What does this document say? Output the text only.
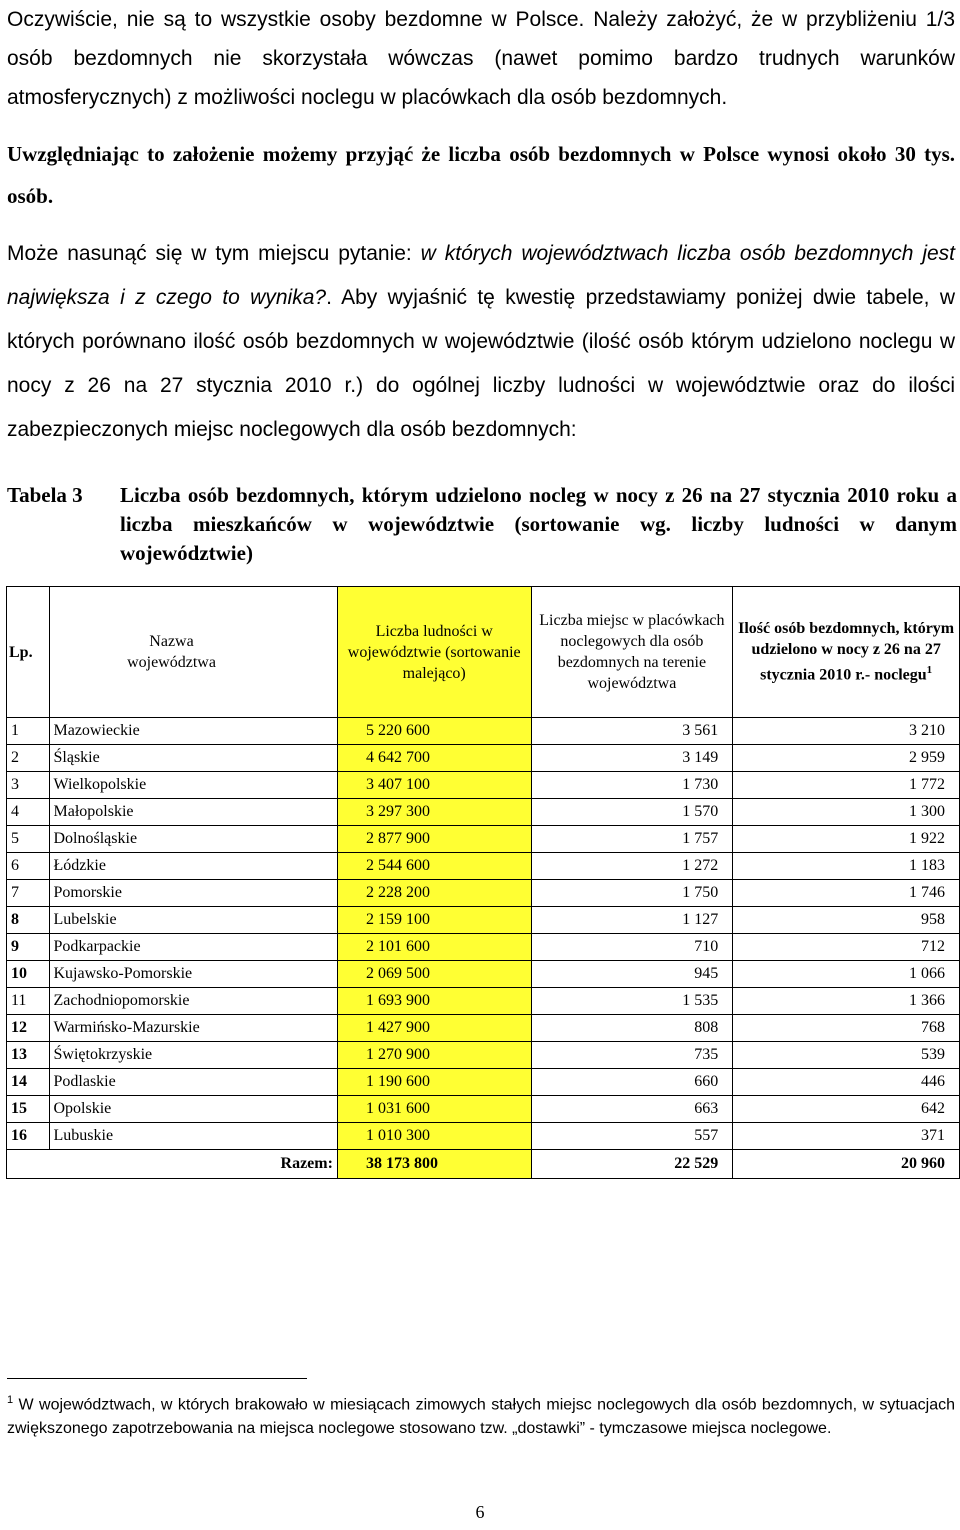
Oczywiście, nie są to wszystkie osoby bezdomne w Polsce. Należy założyć, że w przybliżeniu 1/3 osób bezdomnych nie skorzystała wówczas (nawet pomimo bardzo trudnych warunków atmosferycznych) z możliwości noclegu w placówkach dla osób bezdomnych.

Uwzględniając to założenie możemy przyjąć że liczba osób bezdomnych w Polsce wynosi około 30 tys. osób.

Może nasunąć się w tym miejscu pytanie: w których województwach liczba osób bezdomnych jest największa i z czego to wynika?. Aby wyjaśnić tę kwestię przedstawiamy poniżej dwie tabele, w których porównano ilość osób bezdomnych w województwie (ilość osób którym udzielono noclegu w nocy z 26 na 27 stycznia 2010 r.) do ogólnej liczby ludności w województwie oraz do ilości zabezpieczonych miejsc noclegowych dla osób bezdomnych:

Tabela 3 Liczba osób bezdomnych, którym udzielono nocleg w nocy z 26 na 27 stycznia 2010 roku a liczba mieszkańców w województwie (sortowanie wg. liczby ludności w danym województwie)
Lp.	Nazwa województwa	Liczba ludności w województwie (sortowanie malejąco)	Liczba miejsc w placówkach noclegowych dla osób bezdomnych na terenie województwa	Ilość osób bezdomnych, którym udzielono w nocy z 26 na 27 stycznia 2010 r.- noclegu$^1$

1	Mazowieckie	5 220 600	3 561	3 210
2	Śląskie	4 642 700	3 149	2 959
3	Wielkopolskie	3 407 100	1 730	1 772
4	Małopolskie	3 297 300	1 570	1 300
5	Dolnośląskie	2 877 900	1 757	1 922
6	Łódzkie	2 544 600	1 272	1 183
7	Pomorskie	2 228 200	1 750	1 746
8	Lubelskie	2 159 100	1 127	958
9	Podkarpackie	2 101 600	710	712
10	Kujawsko-Pomorskie	2 069 500	945	1 066
11	Zachodniopomorskie	1 693 900	1 535	1 366
12	Warmińsko-Mazurskie	1 427 900	808	768
13	Świętokrzyskie	1 270 900	735	539
14	Podlaskie	1 190 600	660	446
15	Opolskie	1 031 600	663	642
16	Lubuskie	1 010 300	557	371
Razem:		38 173 800	22 529	20 960
$^1$ W województwach, w których brakowało w miesiącach zimowych stałych miejsc noclegowych dla osób bezdomnych, w sytuacjach zwiększonego zapotrzebowania na miejsca noclegowe stosowano tzw. „dostawki” - tymczasowe miejsca noclegowe.
6
